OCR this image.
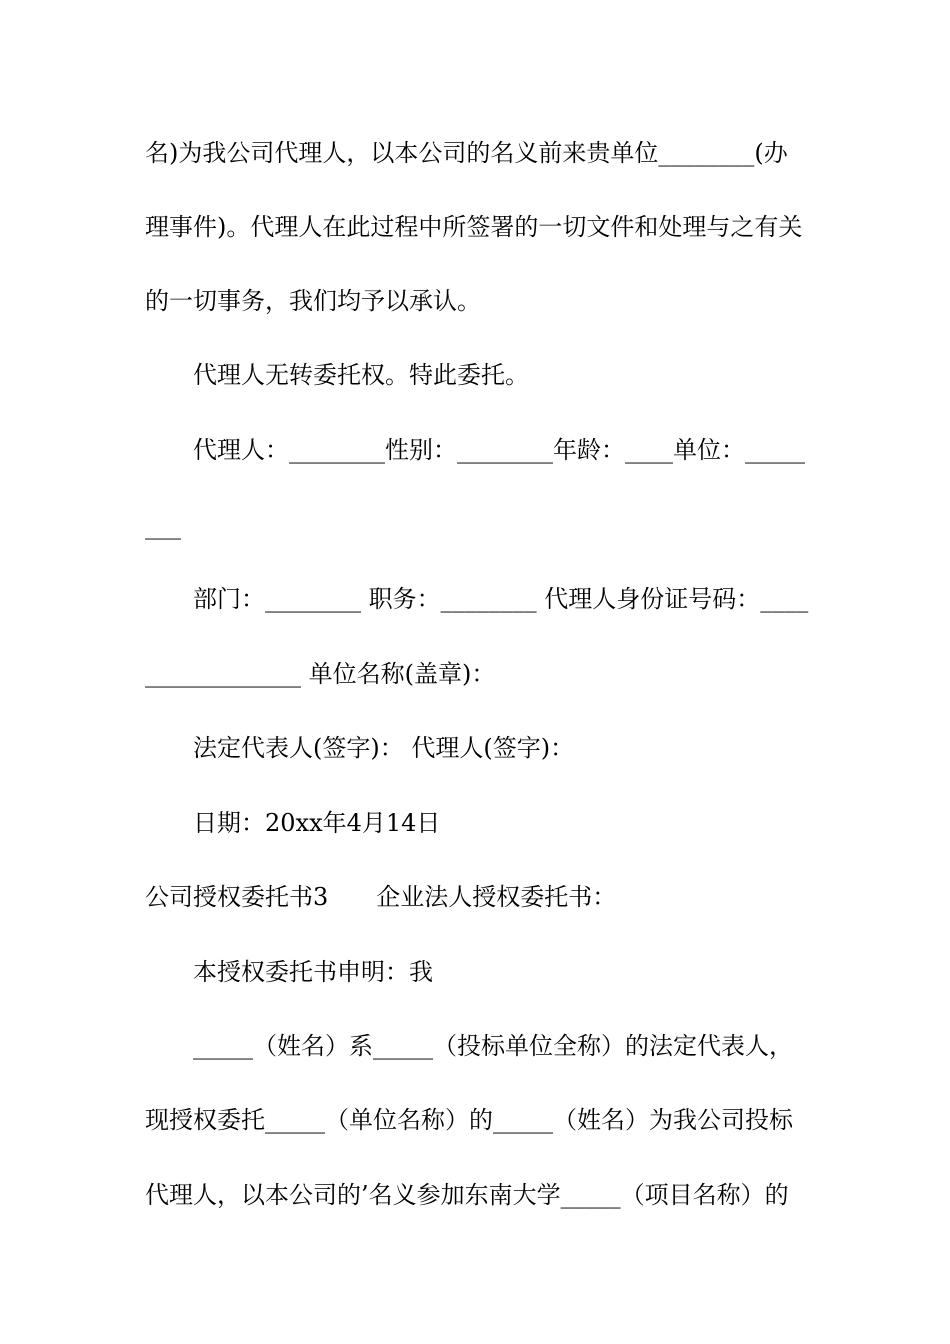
名)为我公司代理人，以本公司的名义前来贵单位________(办
理事件)。代理人在此过程中所签署的一切文件和处理与之有关
的一切事务，我们均予以承认。
代理人无转委托权。特此委托。
代理人：________性别：________年龄：____单位：_____
___
部门：________ 职务：________ 代理人身份证号码：____
_____________ 单位名称(盖章)：
法定代表人(签字)： 代理人(签字)：
日期：20xx年4月14日
公司授权委托书3　　企业法人授权委托书：
本授权委托书申明：我
_____（姓名）系_____（投标单位全称）的法定代表人，
现授权委托_____（单位名称）的_____（姓名）为我公司投标
代理人，以本公司的’名义参加东南大学_____（项目名称）的
